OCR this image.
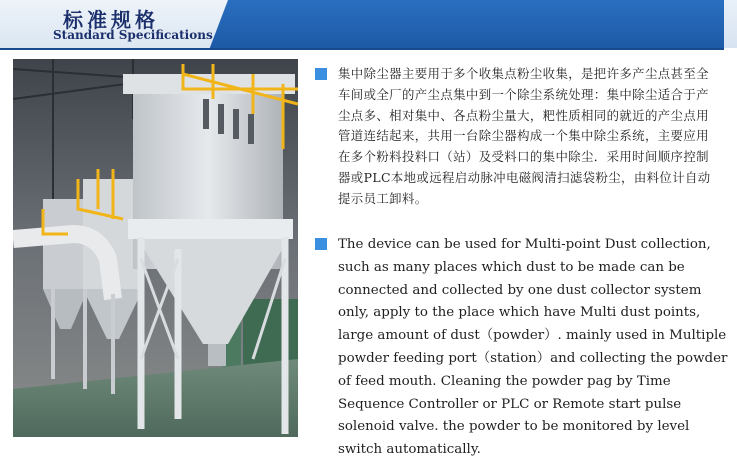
标准规格
Standard Specifications
集中除尘器主要用于多个收集点粉尘收集，是把许多产尘点甚至全车间或全厂的产尘点集中到一个除尘系统处理：集中除尘适合于产尘点多、相对集中、各点粉尘量大，粑性质相同的就近的产尘点用管道连结起来，共用一台除尘器构成一个集中除尘系统，主要应用在多个粉料投料口（站）及受料口的集中除尘．采用时间顺序控制器或PLC本地或远程启动脉冲电磁阀清扫滤袋粉尘，由料位计自动提示员工卸料。
The device can be used for Multi-point Dust collection, such as many places which dust to be made can be connected and collected by one dust collector system only, apply to the place which have Multi dust points, large amount of dust（powder）. mainly used in Multiple powder feeding port（station）and collecting the powder of feed mouth. Cleaning the powder pag by Time Sequence Controller or PLC or Remote start pulse solenoid valve. the powder to be monitored by level switch automatically.
